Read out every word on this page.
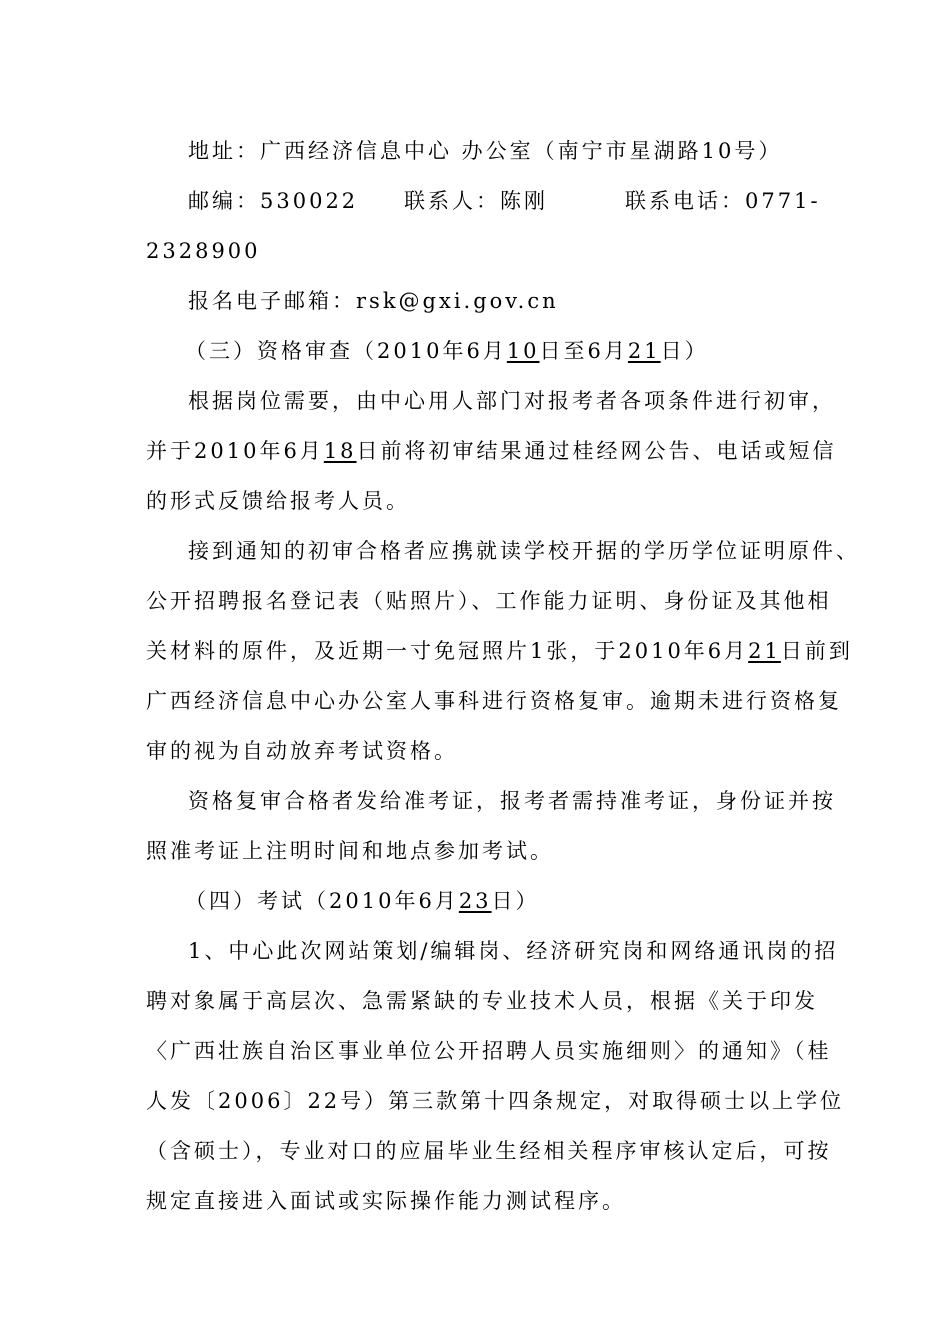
地址：广西经济信息中心 办公室（南宁市星湖路10号）
邮编：530022 联系人：陈刚	联系电话：0771-
2328900
报名电子邮箱：rsk@gxi.gov.cn
（三）资格审查（2010年6月10日至6月21日）
根据岗位需要，由中心用人部门对报考者各项条件进行初审，
并于2010年6月18日前将初审结果通过桂经网公告、电话或短信
的形式反馈给报考人员。
接到通知的初审合格者应携就读学校开据的学历学位证明原件、
公开招聘报名登记表（贴照片）、工作能力证明、身份证及其他相
关材料的原件，及近期一寸免冠照片1张，于2010年6月21日前到
广西经济信息中心办公室人事科进行资格复审。逾期未进行资格复
审的视为自动放弃考试资格。
资格复审合格者发给准考证，报考者需持准考证，身份证并按
照准考证上注明时间和地点参加考试。
（四）考试（2010年6月23日）
1、中心此次网站策划/编辑岗、经济研究岗和网络通讯岗的招
聘对象属于高层次、急需紧缺的专业技术人员，根据《关于印发
〈广西壮族自治区事业单位公开招聘人员实施细则〉的通知》（桂
人发〔2006〕22号）第三款第十四条规定，对取得硕士以上学位
（含硕士），专业对口的应届毕业生经相关程序审核认定后，可按
规定直接进入面试或实际操作能力测试程序。
